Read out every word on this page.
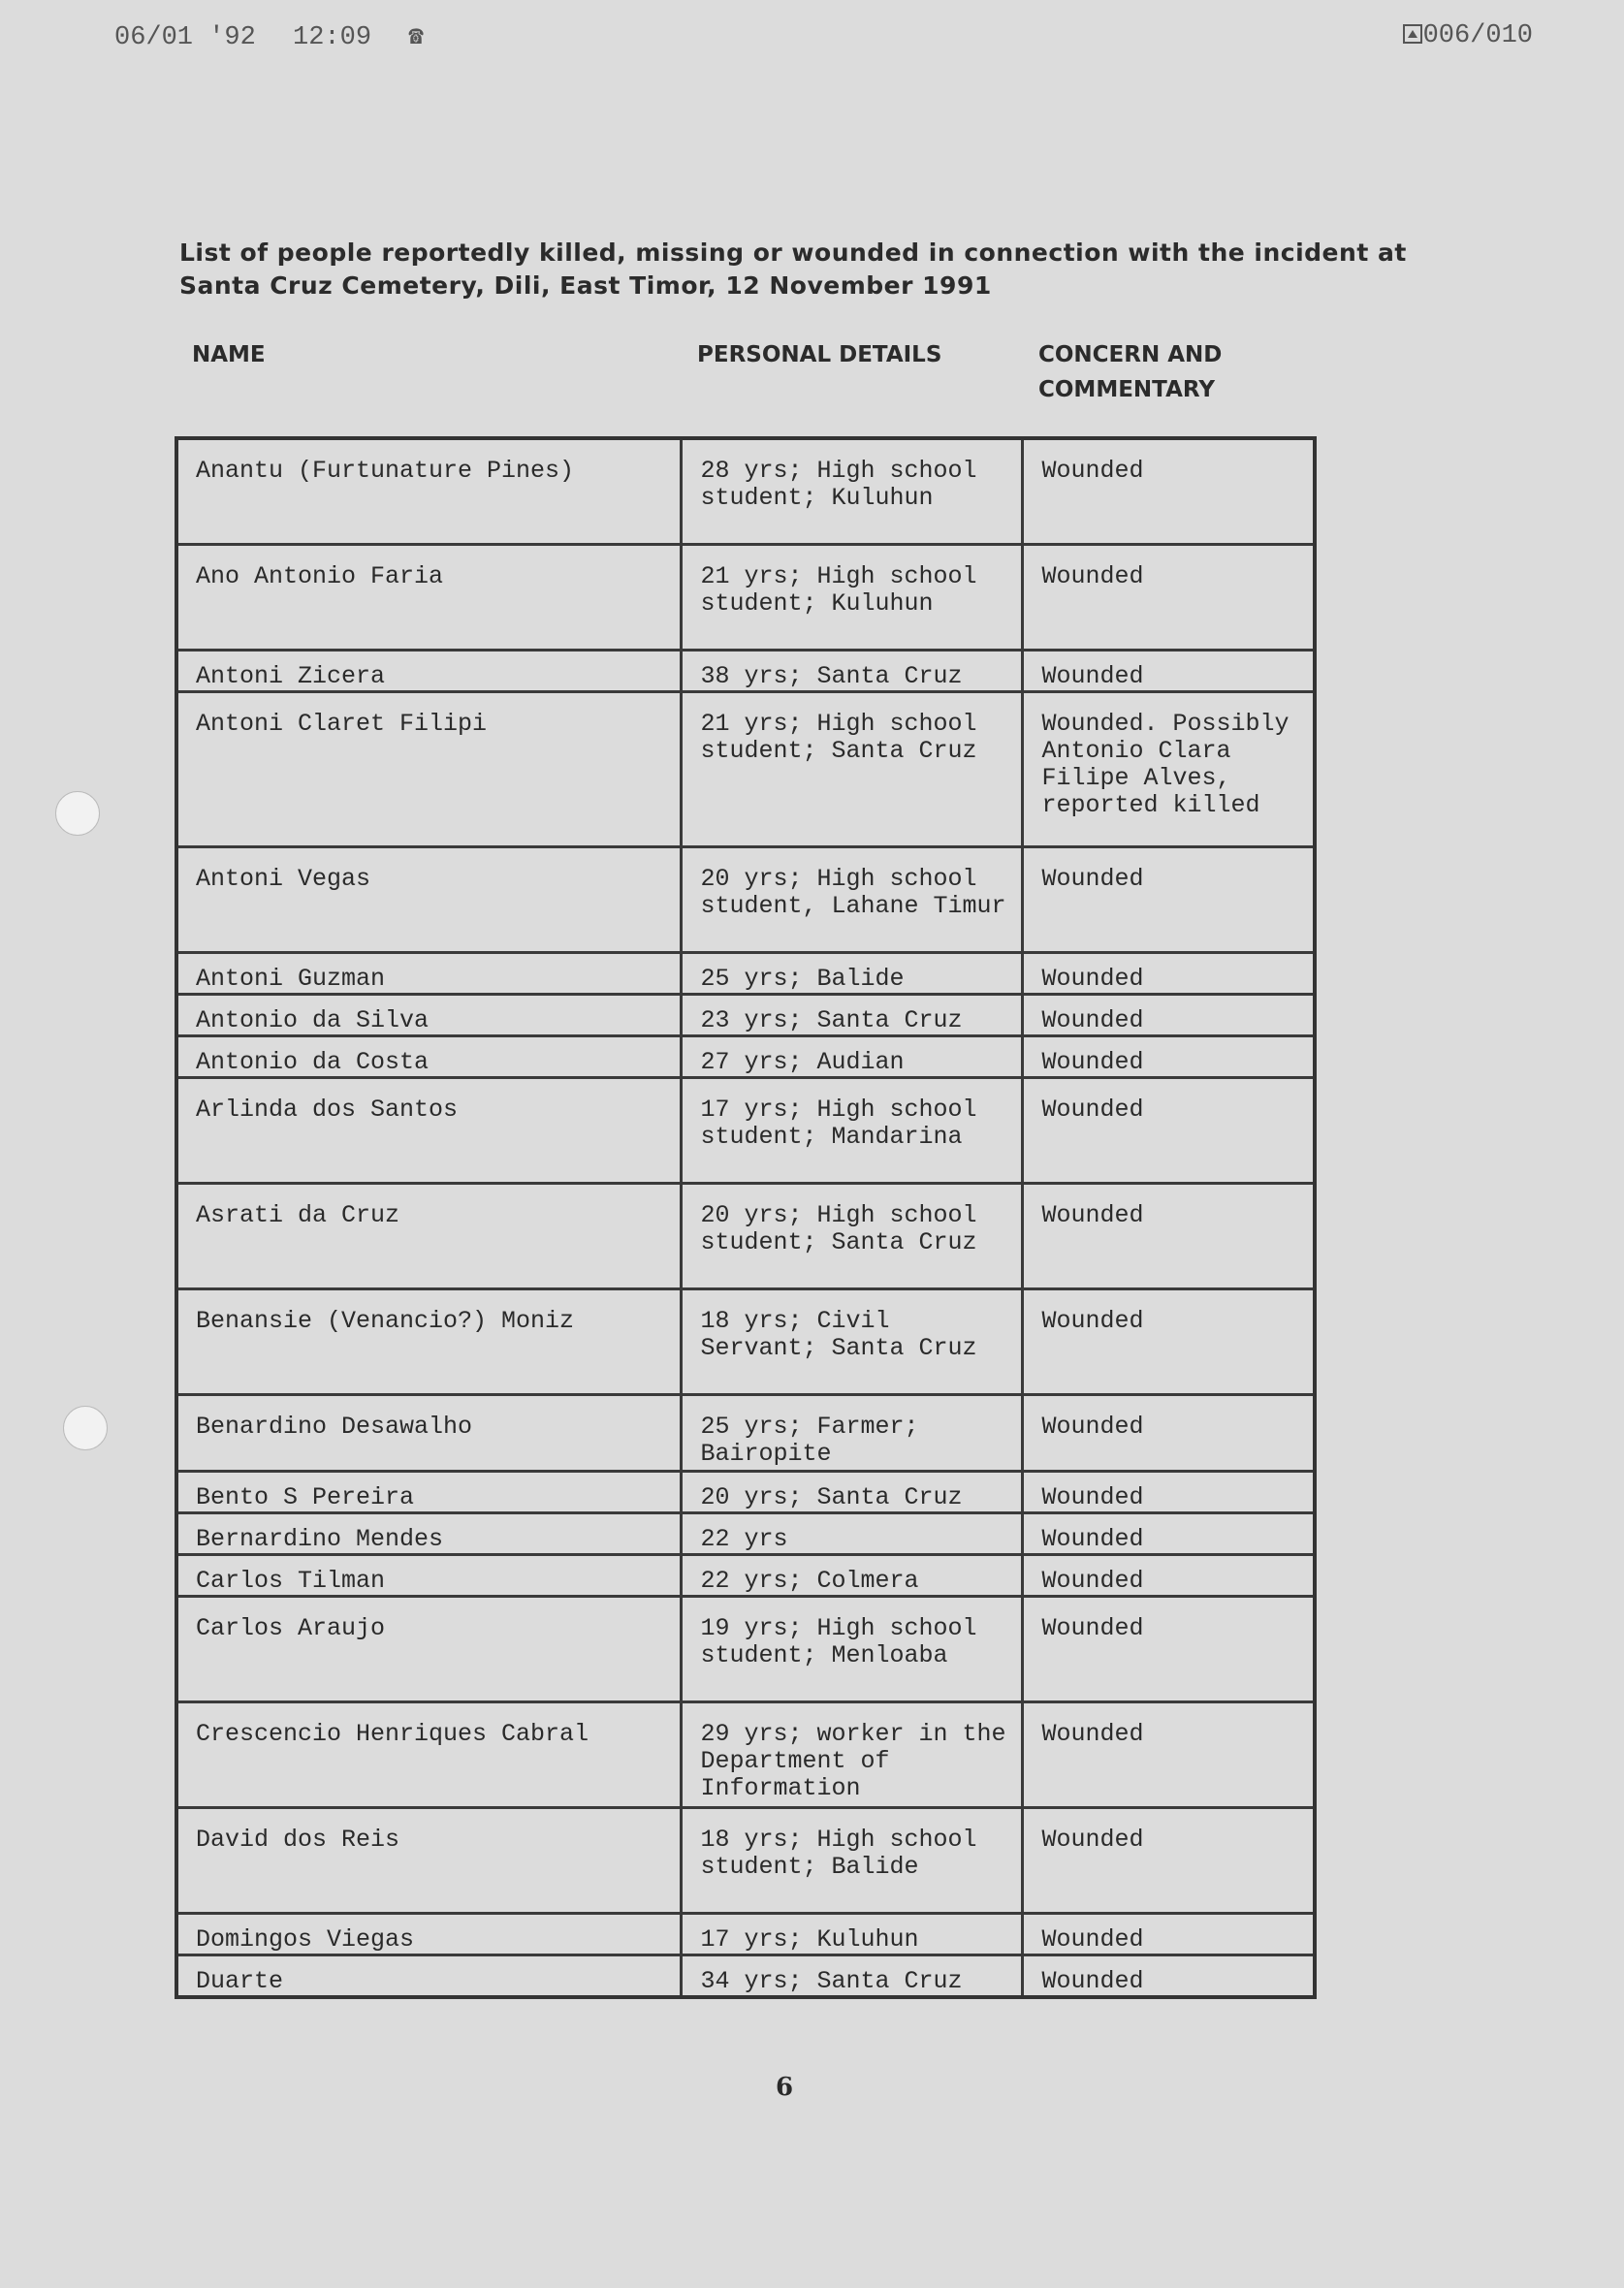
06/01 '92 12:09 ☎	006/010
List of people reportedly killed, missing or wounded in connection with the incident at Santa Cruz Cemetery, Dili, East Timor, 12 November 1991
NAME	PERSONAL DETAILS	CONCERN AND
COMMENTARY
Anantu (Furtunature Pines)	28 yrs; High school student; Kuluhun	Wounded
Ano Antonio Faria	21 yrs; High school student; Kuluhun	Wounded
Antoni Zicera	38 yrs; Santa Cruz	Wounded
Antoni Claret Filipi	21 yrs; High school student; Santa Cruz	Wounded. Possibly Antonio Clara Filipe Alves, reported killed
Antoni Vegas	20 yrs; High school student, Lahane Timur	Wounded
Antoni Guzman	25 yrs; Balide	Wounded
Antonio da Silva	23 yrs; Santa Cruz	Wounded
Antonio da Costa	27 yrs; Audian	Wounded
Arlinda dos Santos	17 yrs; High school student; Mandarina	Wounded
Asrati da Cruz	20 yrs; High school student; Santa Cruz	Wounded
Benansie (Venancio?) Moniz	18 yrs; Civil Servant; Santa Cruz	Wounded
Benardino Desawalho	25 yrs; Farmer; Bairopite	Wounded
Bento S Pereira	20 yrs; Santa Cruz	Wounded
Bernardino Mendes	22 yrs	Wounded
Carlos Tilman	22 yrs; Colmera	Wounded
Carlos Araujo	19 yrs; High school student; Menloaba	Wounded
Crescencio Henriques Cabral	29 yrs; worker in the Department of Information	Wounded
David dos Reis	18 yrs; High school student; Balide	Wounded
Domingos Viegas	17 yrs; Kuluhun	Wounded
Duarte	34 yrs; Santa Cruz	Wounded
6
